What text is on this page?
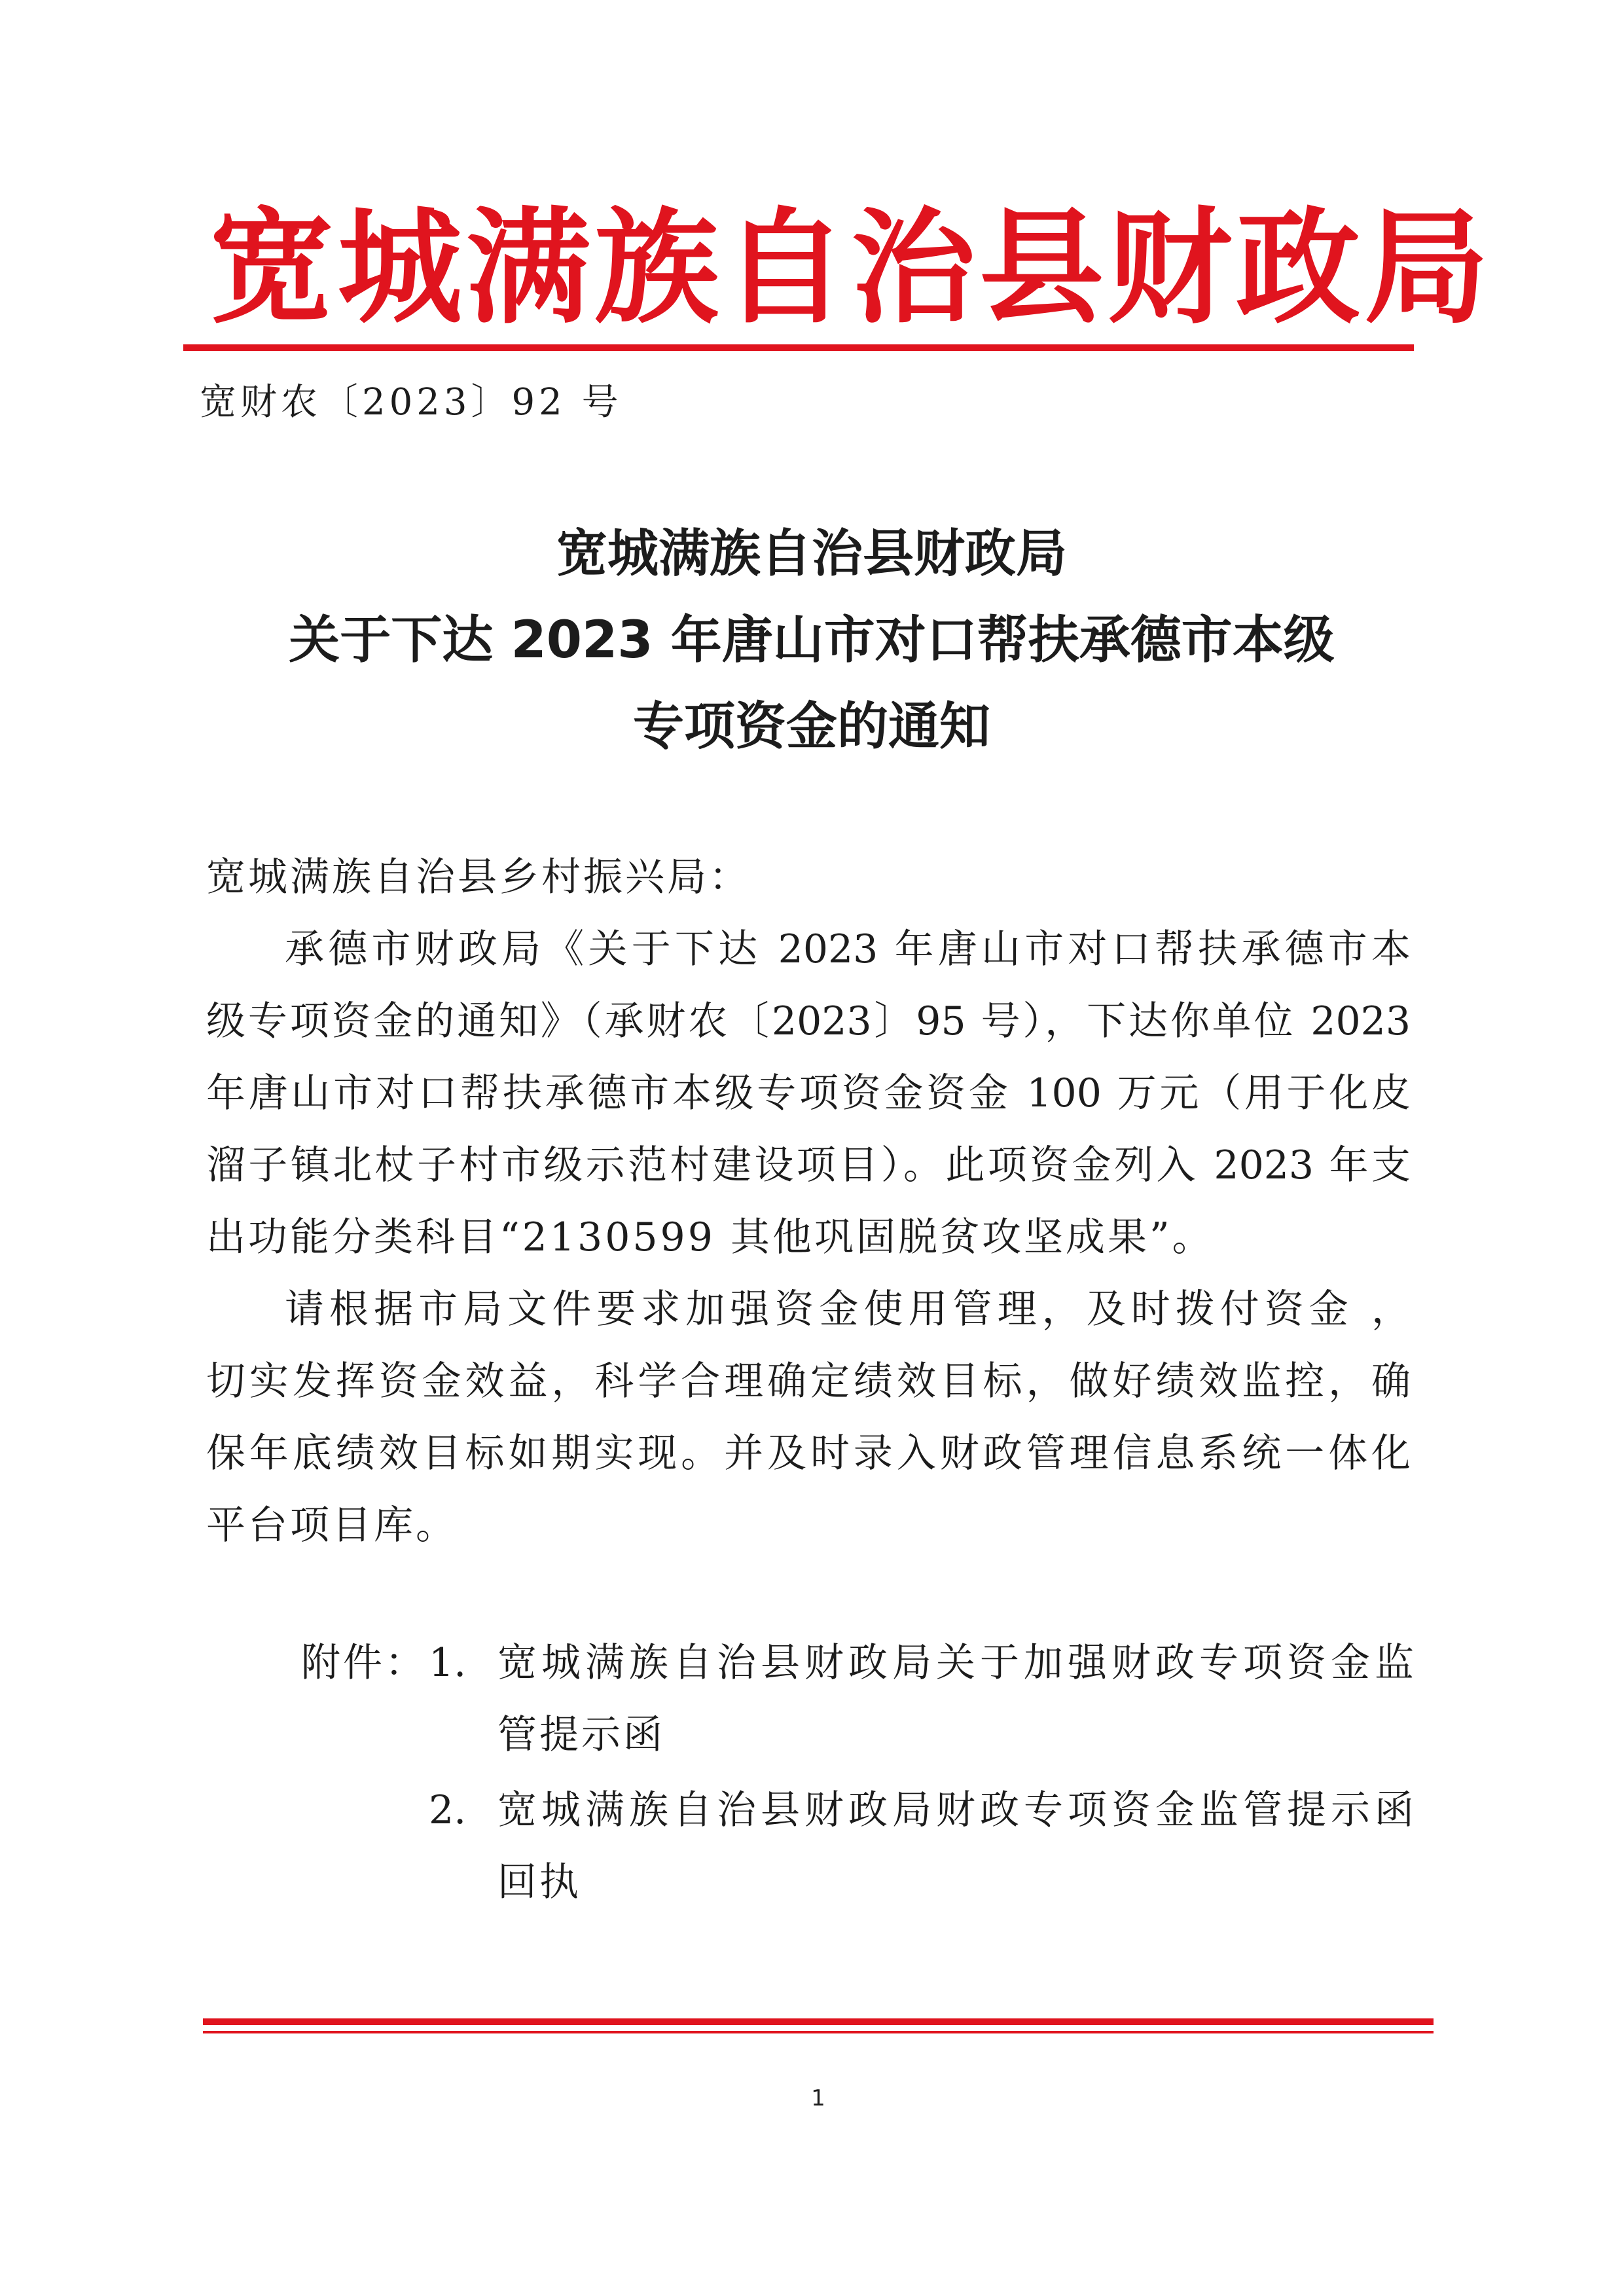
宽城满族自治县财政局
宽财农〔2023〕92 号
宽城满族自治县财政局
关于下达 2023 年唐山市对口帮扶承德市本级
专项资金的通知
宽城满族自治县乡村振兴局：
承德市财政局《关于下达 2023 年唐山市对口帮扶承德市本
级专项资金的通知》（承财农〔2023〕95 号），下达你单位 2023
年唐山市对口帮扶承德市本级专项资金资金 100 万元（用于化皮
溜子镇北杖子村市级示范村建设项目）。此项资金列入 2023 年支
出功能分类科目“2130599 其他巩固脱贫攻坚成果”。
请根据市局文件要求加强资金使用管理，及时拨付资金 ，
切实发挥资金效益，科学合理确定绩效目标，做好绩效监控，确
保年底绩效目标如期实现。并及时录入财政管理信息系统一体化
平台项目库。
附件： 1. 宽城满族自治县财政局关于加强财政专项资金监
管提示函
2. 宽城满族自治县财政局财政专项资金监管提示函
回执
1
